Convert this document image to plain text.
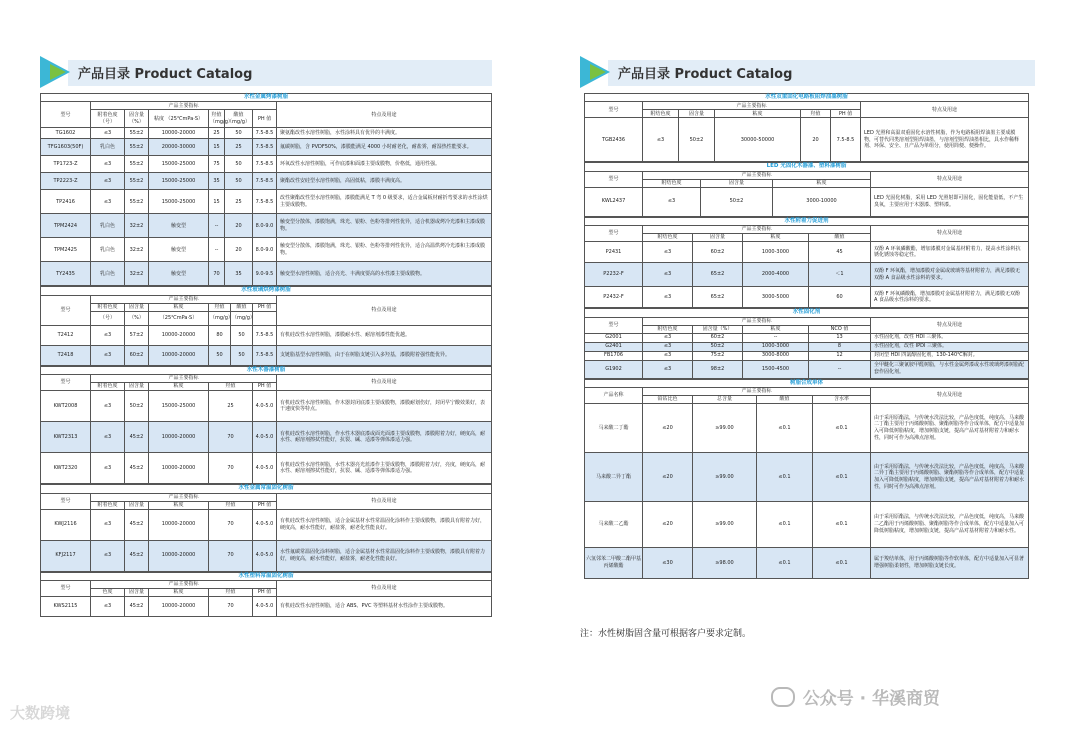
产品目录 Product Catalog
水性金属烤漆树脂							
型号	产品主要指标						特点及用途
	附着色度 （号）	固含量 （%）	粘度 （25℃mPa·S）	羟值 （mg/g）	酸值 （mg/g）	PH 值	
TG1602	≤3	55±2	10000-20000	25	50	7.5-8.5	聚氨酯改性水溶性树脂，水性涂料具有优异的丰满度。
TFG1603(50F)	乳白色	55±2	20000-30000	15	25	7.5-8.5	氟碳树脂，含 PVDF50%，漆膜能满足 4000 小时耐老化，耐盐雾，耐湿热性能要求。
TP1723-Z	≤3	55±2	15000-25000	75	50	7.5-8.5	环氧改性水溶性树脂，可作底漆和面漆主要成膜物，价格低，通用性强。
TP2223-Z	≤3	55±2	15000-25000	35	50	7.5-8.5	聚酯改性安硅型水溶性树脂，高固低粘，漆膜丰满度高。
TP2416	≤3	55±2	15000-25000	15	25	7.5-8.5	改性聚酯改性型水溶性树脂，漆膜能满足 T 弯 0 级要求，适合金属板材耐折弯要求的水性涂烘主要成膜物。
TPM2424	乳白色	32±2	触变型	--	20	8.0-9.0	触变型分散体，漆膜饱满，珠光、银粉、色粉等排列性优异，适合机器或烤冷光漆和主漆成膜物。
TPM2425	乳白色	32±2	触变型	--	20	8.0-9.0	触变型分散体，漆膜饱满，珠光、银粉、色粉等排列性优异，适合高温烘烤冷光漆和主漆成膜物。
TY2435	乳白色	32±2	触变型	70	35	9.0-9.5	触变型水溶性树脂，适合亮光、丰满度要高的水性漆主要成膜物。
水性玻璃烘烤漆树脂							
型号	产品主要指标						特点及用途
	附着色度	固含量	粘度	羟值	酸值	PH 值	
	（号）	（%）	（25℃mPa·S）	（mg/g）	（mg/g）		
T2412	≤3	57±2	10000-20000	80	50	7.5-8.5	有机硅改性水溶性树脂，漆膜耐水性、耐溶剂漆性能优越。
T2418	≤3	60±2	10000-20000	50	50	7.5-8.5	支链脂基型水溶性树脂，由于在树脂支链引入多羟基，漆膜附着强性能优异。
水性木器漆树脂						
型号	产品主要指标					特点及用途
	附着色度	固含量	粘度	羟值	PH 值	
KWT2008	≤3	50±2	15000-25000	25	4.0-5.0	有机硅改性水溶性树脂，作木器封闭底漆主要成膜物，漆膜耐划伤好，封闭早宁酸效果好，表干速度快等特点。
KWT2313	≤3	45±2	10000-20000	70	4.0-5.0	有机硅改性水溶性树脂，作水性木器底漆或面光面漆主要成膜物，漆膜附着力好，硬度高，耐水性、耐溶剂擦拭性能好，抗裂、碱、适漆等弹体漆适力强。
KWT2320	≤3	45±2	10000-20000	70	4.0-5.0	有机硅改性水溶性树脂，水性木器亮光蓝漆作主要成膜物，漆膜附着力好，亮度，硬度高，耐水性、耐溶剂擦拭性能好，抗裂、碱、适漆等弹体漆适力强。
水性金属常温固化树脂						
型号	产品主要指标					特点及用途
	附着色度	固含量	粘度	羟值	PH 值	
KWJ2116	≤3	45±2	10000-20000	70	4.0-5.0	有机硅改性水溶性树脂，适合金属基材水性常温固化涂料作主要成膜物，漆膜具有附着力好，硬度高，耐水性能好，耐盐雾，耐老化性能良好。
KFJ2117	≤3	45±2	10000-20000	70	4.0-5.0	水性氟碳常温固化涂料树脂，适合金属基材水性常温固化涂料作主要成膜物，漆膜具有附着力好，硬度高，耐水性能好，耐盐雾，耐老化性能良好。
水性塑料常温固化树脂						
型号	产品主要指标					特点及用途
	色度	固含量	粘度	羟值	PH 值	
KWS2115	≤3	45±2	10000-20000	70	4.0-5.0	有机硅改性水溶性树脂，适合 ABS、PVC 等塑料基材水性涂作主要成膜物。
大数跨境
产品目录 Product Catalog
水性双重固化电路板阻焊油墨树脂						
型号	产品主要指标					特点及用途
	附结色度	固含量	粘度	羟值	PH 值	
TGB2436	≤3	50±2	30000-50000	20	7.5-8.5	LED 光照和高温双重固化水溶性树脂，作为电路板阻焊油墨主要成膜物，可替代同类溶剂型阻焊油墨，与溶剂型阻焊油墨相比，具水作稀释剂、环保、安全、且产品为单组分，使用简便、便操作。
LED 光固化木器漆、塑料漆树脂				
型号	产品主要指标			特点及用途
	附结色度	固含量	粘度	
KWL2437	≤3	50±2	3000-10000	LED 光固化树脂，采用 LED 光照射即可固化，固化能量低，不产生臭氧，主要应用于木器漆、塑料漆。
水性附着力促进剂					
型号	产品主要指标				特点及用途
	附结色度	固含量	粘度	酸值	
P2431	≤3	60±2	1000-3000	45	双酚 A 环氧磷酸酯，增加漆膜对金属基材附着力，提高水性涂料抗锈化锈蚀等稳定性。
P2232-F	≤3	65±2	2000-4000	＜1	双酚 F 环氧酯，增加漆膜对金属或玻璃等基材附着力，满足漆膜无双酚 A 食品级水性涂料的要求。
P2432-F	≤3	65±2	3000-5000	60	双酚 F 环氧磷酸酯，增加漆膜对金属基材附着力，满足漆膜无双酚 A 食品级水性涂料的要求。
水性固化剂					
型号	产品主要指标				特点及用途
	附结色度	固含量（%）	粘度	NCO 值	
G2001	≤3	60±2	--	13	水性固化剂，改性 HDI 三聚体。
G2401	≤3	50±2	1000-3000	8	水性固化剂，改性 IPDI 三聚体。
FB1706	≤3	75±2	3000-8000	12	封闭型 HDI 四氯醇固化剂，130-140℃解封。
G1902	≤3	98±2	1500-4500	--	全甲醚化三聚氰胺甲醛树脂，与水性金属烤漆或水性玻璃烤漆树脂配套作固化剂。
树脂合成单体					
产品名称	产品主要指标				特点及用途
	铂钴比色	总含量	酸值	含水率	
马来酸二丁酯	≤20	≥99.00	≤0.1	≤0.1	由于采用原酯法，与传统水洗法比较，产品色度低，纯度高，马来酸二丁酯主要用于丙烯酸树脂、聚酯树脂等作合成单体，配方中适量加入可降低树脂粘度，增加树脂支链，提高产品对基材附着力和耐水性，同时可作为高沸点溶剂。
马来酸二异丁酯	≤20	≥99.00	≤0.1	≤0.1	由于采用原酯法，与传统水洗法比较，产品色度低，纯度高，马来酸二异丁酯主要用于丙烯酸树脂、聚酯树脂等作合成单体，配方中适量加入可降低树脂粘度，增加树脂支链，提高产品对基材附着力和耐水性，同时可作为高沸点溶剂。
马来酸二乙酯	≤20	≥99.00	≤0.1	≤0.1	由于采用原酯法，与传统水洗法比较，产品色度低，纯度高，马来酸二乙酯用于丙烯酸树脂、聚酯树脂等作合成单体，配方中适量加入可降低树脂粘度，增加树脂支链，提高产品对基材附着力和耐水性。
六氢邻苯二甲酸二酯甲基丙烯酸酯	≤30	≥98.00	≤0.1	≤0.1	属于羧结单体，用于丙烯酸树脂等作软单体，配方中适量加入可显著增强树脂柔韧性，增加树脂支链长度。
注：水性树脂固含量可根据客户要求定制。
公众号 · 华溪商贸
